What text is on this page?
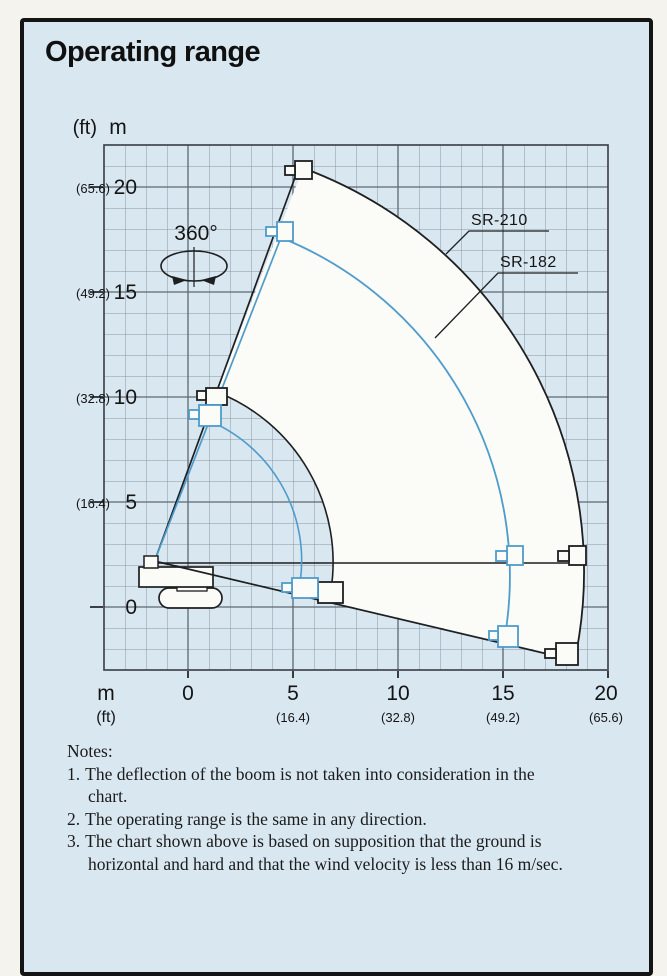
360°
SR-210
SR-182
(ft) m
20
15
10
5
0
(65.6)
(49.2)
(32.8)
(16.4)
m
(ft)
0	5	10	15	20
(16.4)	(32.8)	(49.2)	(65.6)
Operating range
Notes:
1. The deflection of the boom is not taken into consideration in the chart.
2. The operating range is the same in any direction.
3. The chart shown above is based on supposition that the ground is horizontal and hard and that the wind velocity is less than 16 m/sec.
